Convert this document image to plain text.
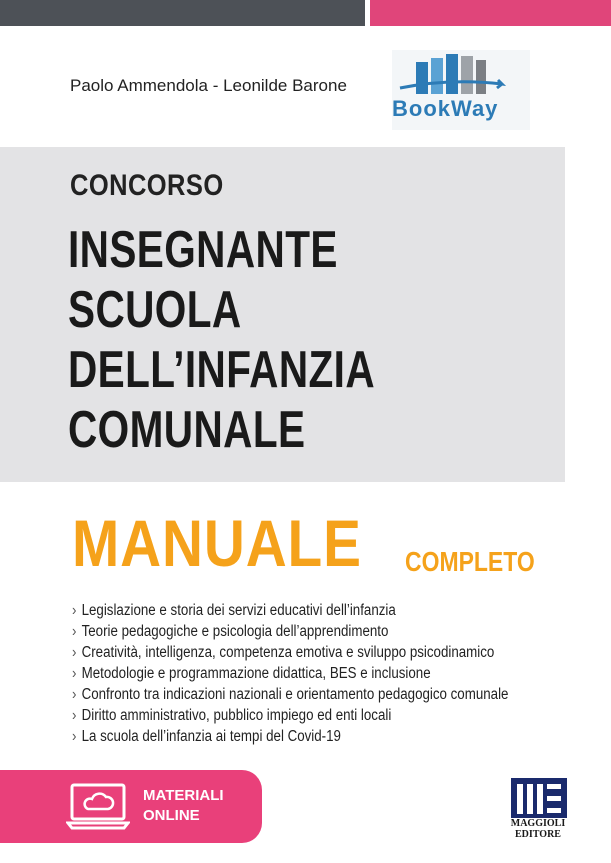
Paolo Ammendola - Leonilde Barone
BookWay
CONCORSO
INSEGNANTE
SCUOLA
DELL’INFANZIA
COMUNALE
MANUALE COMPLETO
› Legislazione e storia dei servizi educativi dell’infanzia
› Teorie pedagogiche e psicologia dell’apprendimento
› Creatività, intelligenza, competenza emotiva e sviluppo psicodinamico
› Metodologie e programmazione didattica, BES e inclusione
› Confronto tra indicazioni nazionali e orientamento pedagogico comunale
› Diritto amministrativo, pubblico impiego ed enti locali
› La scuola dell’infanzia ai tempi del Covid-19
MATERIALI
ONLINE	MAGGIOLI
EDITORE
